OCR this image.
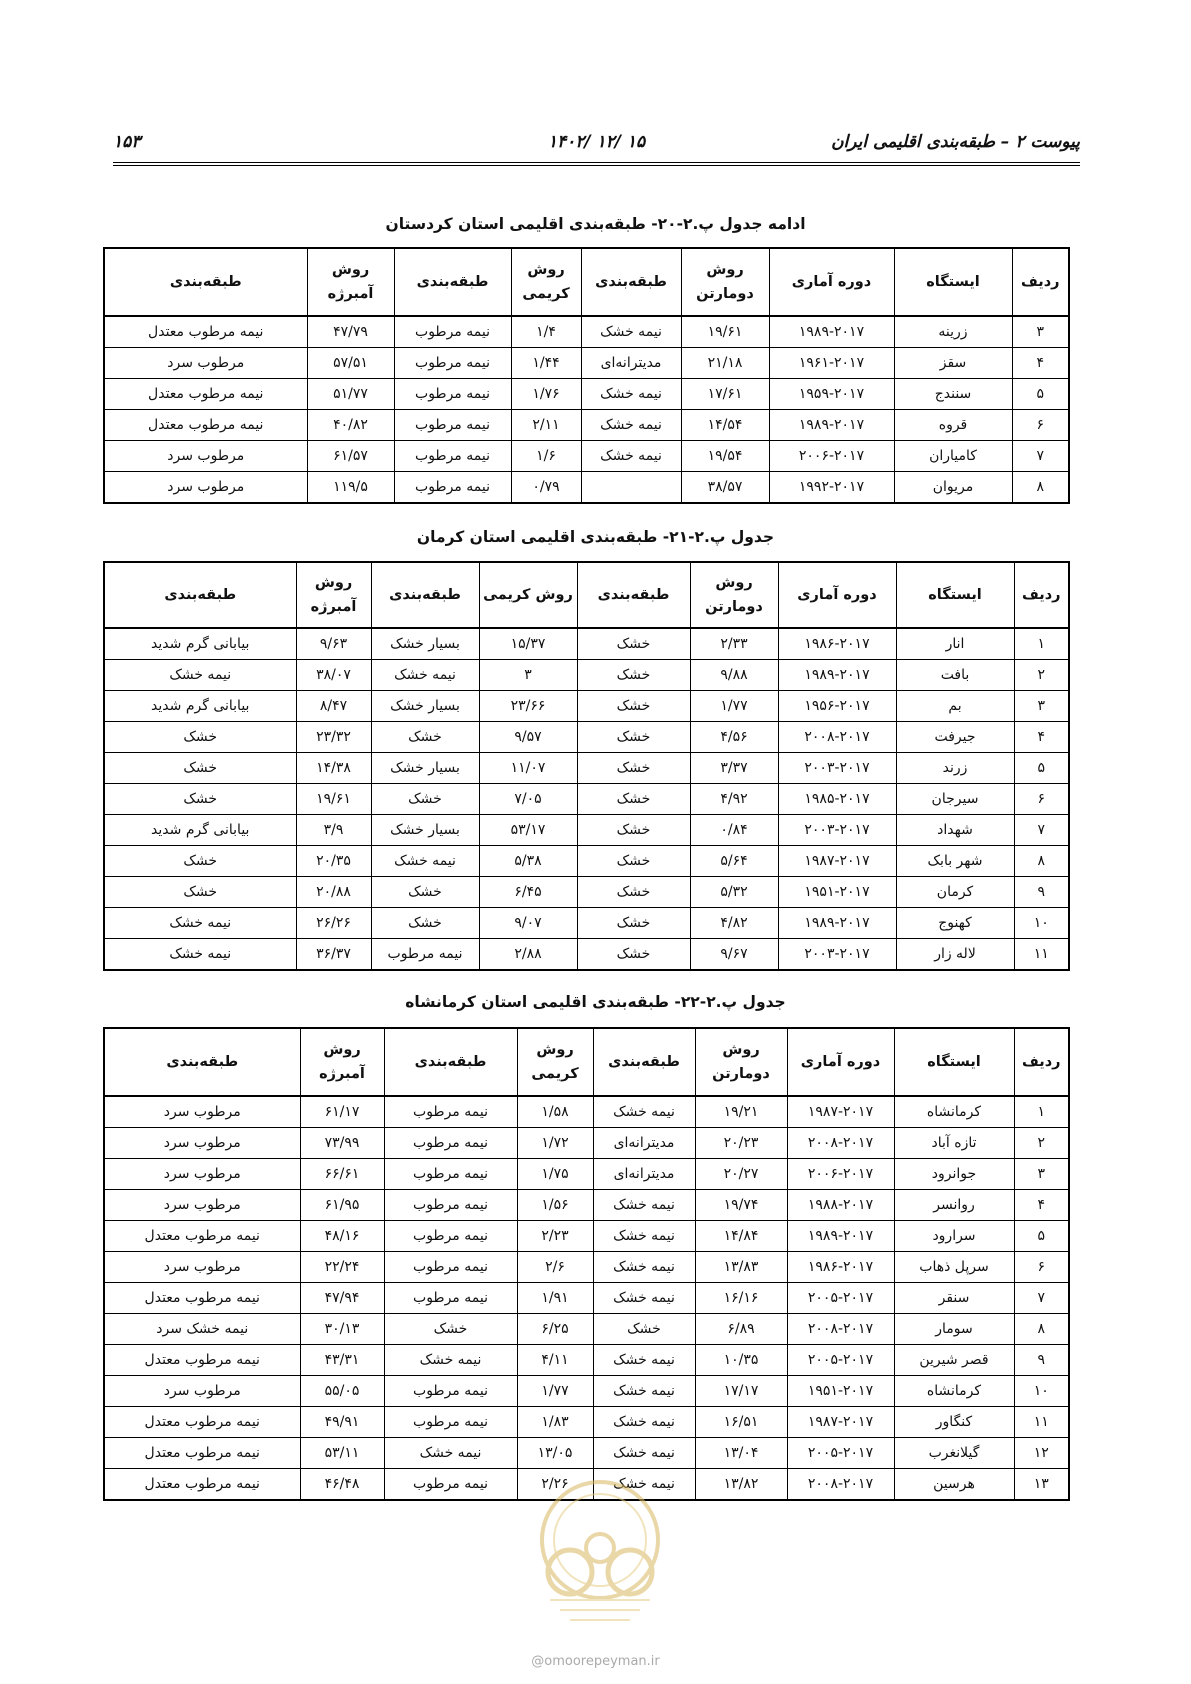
پیوست ۲ – طبقه‌بندی اقلیمی ایران
۱۴۰۲/ ۱۲/ ۱۵
۱۵۳
ادامه جدول پ.۲-۲۰- طبقه‌بندی اقلیمی استان کردستان
ردیف	ایستگاه	دوره آماری	روش دومارتن	طبقه‌بندی	روش کریمی	طبقه‌بندی	روش آمبرژه	طبقه‌بندی
۳	زرینه	۱۹۸۹-۲۰۱۷	۱۹/۶۱	نیمه خشک	۱/۴	نیمه مرطوب	۴۷/۷۹	نیمه مرطوب معتدل
۴	سقز	۱۹۶۱-۲۰۱۷	۲۱/۱۸	مدیترانه‌ای	۱/۴۴	نیمه مرطوب	۵۷/۵۱	مرطوب سرد
۵	سنندج	۱۹۵۹-۲۰۱۷	۱۷/۶۱	نیمه خشک	۱/۷۶	نیمه مرطوب	۵۱/۷۷	نیمه مرطوب معتدل
۶	قروه	۱۹۸۹-۲۰۱۷	۱۴/۵۴	نیمه خشک	۲/۱۱	نیمه مرطوب	۴۰/۸۲	نیمه مرطوب معتدل
۷	کامیاران	۲۰۰۶-۲۰۱۷	۱۹/۵۴	نیمه خشک	۱/۶	نیمه مرطوب	۶۱/۵۷	مرطوب سرد
۸	مریوان	۱۹۹۲-۲۰۱۷	۳۸/۵۷		۰/۷۹	نیمه مرطوب	۱۱۹/۵	مرطوب سرد
جدول پ.۲-۲۱- طبقه‌بندی اقلیمی استان کرمان
ردیف	ایستگاه	دوره آماری	روش دومارتن	طبقه‌بندی	روش کریمی	طبقه‌بندی	روش آمبرژه	طبقه‌بندی
۱	انار	۱۹۸۶-۲۰۱۷	۲/۳۳	خشک	۱۵/۳۷	بسیار خشک	۹/۶۳	بیابانی گرم شدید
۲	بافت	۱۹۸۹-۲۰۱۷	۹/۸۸	خشک	۳	نیمه خشک	۳۸/۰۷	نیمه خشک
۳	بم	۱۹۵۶-۲۰۱۷	۱/۷۷	خشک	۲۳/۶۶	بسیار خشک	۸/۴۷	بیابانی گرم شدید
۴	جیرفت	۲۰۰۸-۲۰۱۷	۴/۵۶	خشک	۹/۵۷	خشک	۲۳/۳۲	خشک
۵	زرند	۲۰۰۳-۲۰۱۷	۳/۳۷	خشک	۱۱/۰۷	بسیار خشک	۱۴/۳۸	خشک
۶	سیرجان	۱۹۸۵-۲۰۱۷	۴/۹۲	خشک	۷/۰۵	خشک	۱۹/۶۱	خشک
۷	شهداد	۲۰۰۳-۲۰۱۷	۰/۸۴	خشک	۵۳/۱۷	بسیار خشک	۳/۹	بیابانی گرم شدید
۸	شهر بابک	۱۹۸۷-۲۰۱۷	۵/۶۴	خشک	۵/۳۸	نیمه خشک	۲۰/۳۵	خشک
۹	کرمان	۱۹۵۱-۲۰۱۷	۵/۳۲	خشک	۶/۴۵	خشک	۲۰/۸۸	خشک
۱۰	کهنوج	۱۹۸۹-۲۰۱۷	۴/۸۲	خشک	۹/۰۷	خشک	۲۶/۲۶	نیمه خشک
۱۱	لاله زار	۲۰۰۳-۲۰۱۷	۹/۶۷	خشک	۲/۸۸	نیمه مرطوب	۳۶/۳۷	نیمه خشک
جدول پ.۲-۲۲- طبقه‌بندی اقلیمی استان کرمانشاه
ردیف	ایستگاه	دوره آماری	روش دومارتن	طبقه‌بندی	روش کریمی	طبقه‌بندی	روش آمبرژه	طبقه‌بندی
۱	کرمانشاه	۱۹۸۷-۲۰۱۷	۱۹/۲۱	نیمه خشک	۱/۵۸	نیمه مرطوب	۶۱/۱۷	مرطوب سرد
۲	تازه آباد	۲۰۰۸-۲۰۱۷	۲۰/۲۳	مدیترانه‌ای	۱/۷۲	نیمه مرطوب	۷۳/۹۹	مرطوب سرد
۳	جوانرود	۲۰۰۶-۲۰۱۷	۲۰/۲۷	مدیترانه‌ای	۱/۷۵	نیمه مرطوب	۶۶/۶۱	مرطوب سرد
۴	روانسر	۱۹۸۸-۲۰۱۷	۱۹/۷۴	نیمه خشک	۱/۵۶	نیمه مرطوب	۶۱/۹۵	مرطوب سرد
۵	سرارود	۱۹۸۹-۲۰۱۷	۱۴/۸۴	نیمه خشک	۲/۲۳	نیمه مرطوب	۴۸/۱۶	نیمه مرطوب معتدل
۶	سرپل ذهاب	۱۹۸۶-۲۰۱۷	۱۳/۸۳	نیمه خشک	۲/۶	نیمه مرطوب	۲۲/۲۴	مرطوب سرد
۷	سنقر	۲۰۰۵-۲۰۱۷	۱۶/۱۶	نیمه خشک	۱/۹۱	نیمه مرطوب	۴۷/۹۴	نیمه مرطوب معتدل
۸	سومار	۲۰۰۸-۲۰۱۷	۶/۸۹	خشک	۶/۲۵	خشک	۳۰/۱۳	نیمه خشک سرد
۹	قصر شیرین	۲۰۰۵-۲۰۱۷	۱۰/۳۵	نیمه خشک	۴/۱۱	نیمه خشک	۴۳/۳۱	نیمه مرطوب معتدل
۱۰	کرمانشاه	۱۹۵۱-۲۰۱۷	۱۷/۱۷	نیمه خشک	۱/۷۷	نیمه مرطوب	۵۵/۰۵	مرطوب سرد
۱۱	کنگاور	۱۹۸۷-۲۰۱۷	۱۶/۵۱	نیمه خشک	۱/۸۳	نیمه مرطوب	۴۹/۹۱	نیمه مرطوب معتدل
۱۲	گیلانغرب	۲۰۰۵-۲۰۱۷	۱۳/۰۴	نیمه خشک	۱۳/۰۵	نیمه خشک	۵۳/۱۱	نیمه مرطوب معتدل
۱۳	هرسین	۲۰۰۸-۲۰۱۷	۱۳/۸۲	نیمه خشک	۲/۲۶	نیمه مرطوب	۴۶/۴۸	نیمه مرطوب معتدل
@omoorepeyman.ir
